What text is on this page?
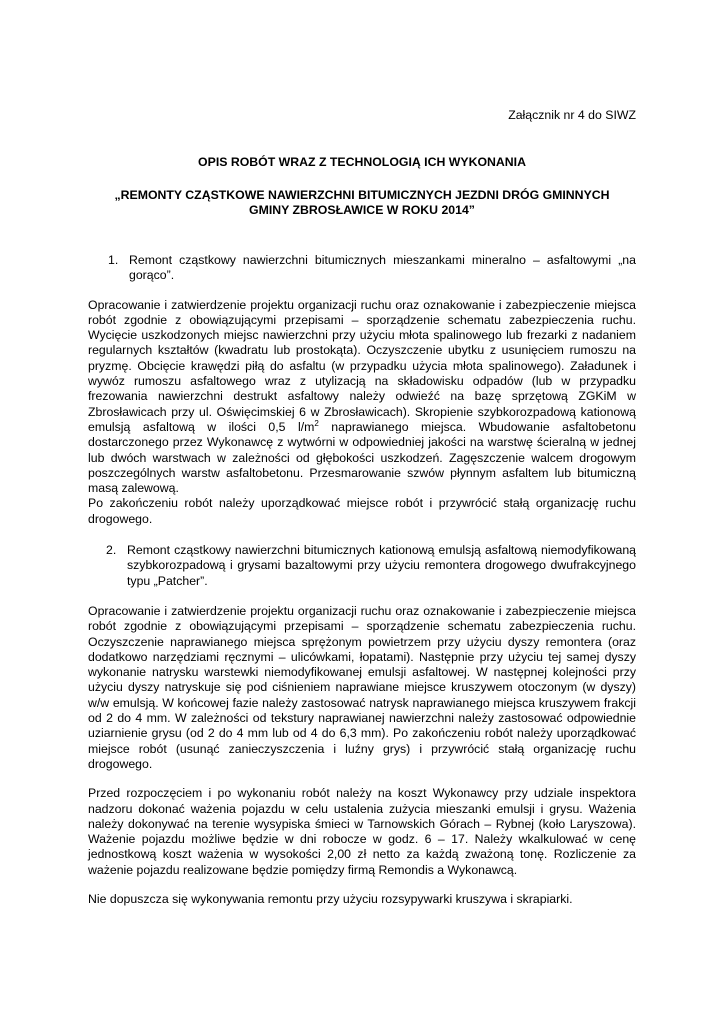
Załącznik nr 4 do SIWZ
OPIS ROBÓT WRAZ Z TECHNOLOGIĄ ICH WYKONANIA
„REMONTY CZĄSTKOWE NAWIERZCHNI BITUMICZNYCH JEZDNI DRÓG GMINNYCH
GMINY ZBROSŁAWICE W ROKU 2014”
1. Remont cząstkowy nawierzchni bitumicznych mieszankami mineralno – asfaltowymi „na gorąco”.

Opracowanie i zatwierdzenie projektu organizacji ruchu oraz oznakowanie i zabezpieczenie miejsca robót zgodnie z obowiązującymi przepisami – sporządzenie schematu zabezpieczenia ruchu. Wycięcie uszkodzonych miejsc nawierzchni przy użyciu młota spalinowego lub frezarki z nadaniem regularnych kształtów (kwadratu lub prostokąta). Oczyszczenie ubytku z usunięciem rumoszu na pryzmę. Obcięcie krawędzi piłą do asfaltu (w przypadku użycia młota spalinowego). Załadunek i wywóz rumoszu asfaltowego wraz z utylizacją na składowisku odpadów (lub w przypadku frezowania nawierzchni destrukt asfaltowy należy odwieźć na bazę sprzętową ZGKiM w Zbrosławicach przy ul. Oświęcimskiej 6 w Zbrosławicach). Skropienie szybkorozpadową kationową emulsją asfaltową w ilości 0,5 $l/m^2$ naprawianego miejsca. Wbudowanie asfaltobetonu dostarczonego przez Wykonawcę z wytwórni w odpowiedniej jakości na warstwę ścieralną w jednej lub dwóch warstwach w zależności od głębokości uszkodzeń. Zagęszczenie walcem drogowym poszczególnych warstw asfaltobetonu. Przesmarowanie szwów płynnym asfaltem lub bitumiczną masą zalewową.

Po zakończeniu robót należy uporządkować miejsce robót i przywrócić stałą organizację ruchu drogowego.

2. Remont cząstkowy nawierzchni bitumicznych kationową emulsją asfaltową niemodyfikowaną szybkorozpadową i grysami bazaltowymi przy użyciu remontera drogowego dwufrakcyjnego typu „Patcher”.

Opracowanie i zatwierdzenie projektu organizacji ruchu oraz oznakowanie i zabezpieczenie miejsca robót zgodnie z obowiązującymi przepisami – sporządzenie schematu zabezpieczenia ruchu. Oczyszczenie naprawianego miejsca sprężonym powietrzem przy użyciu dyszy remontera (oraz dodatkowo narzędziami ręcznymi – ulicówkami, łopatami). Następnie przy użyciu tej samej dyszy wykonanie natrysku warstewki niemodyfikowanej emulsji asfaltowej. W następnej kolejności przy użyciu dyszy natryskuje się pod ciśnieniem naprawiane miejsce kruszywem otoczonym (w dyszy) w/w emulsją. W końcowej fazie należy zastosować natrysk naprawianego miejsca kruszywem frakcji od 2 do 4 mm. W zależności od tekstury naprawianej nawierzchni należy zastosować odpowiednie uziarnienie grysu (od 2 do 4 mm lub od 4 do 6,3 mm). Po zakończeniu robót należy uporządkować miejsce robót (usunąć zanieczyszczenia i luźny grys) i przywrócić stałą organizację ruchu drogowego.

Przed rozpoczęciem i po wykonaniu robót należy na koszt Wykonawcy przy udziale inspektora nadzoru dokonać ważenia pojazdu w celu ustalenia zużycia mieszanki emulsji i grysu. Ważenia należy dokonywać na terenie wysypiska śmieci w Tarnowskich Górach – Rybnej (koło Laryszowa). Ważenie pojazdu możliwe będzie w dni robocze w godz. 6 – 17. Należy wkalkulować w cenę jednostkową koszt ważenia w wysokości 2,00 zł netto za każdą zważoną tonę. Rozliczenie za ważenie pojazdu realizowane będzie pomiędzy firmą Remondis a Wykonawcą.

Nie dopuszcza się wykonywania remontu przy użyciu rozsypywarki kruszywa i skrapiarki.
